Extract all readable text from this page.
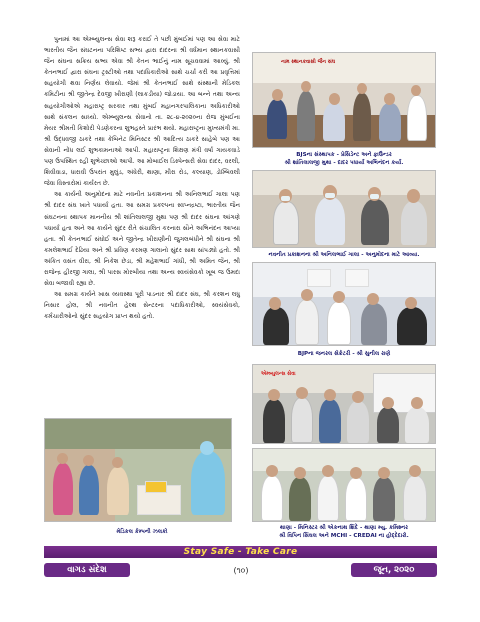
પુનામાં આ એમ્બ્યુલન્સ સેવા શરૂ કરાઈ તે પછી મુંબઈમાં પણ આ સેવા માટે ભારતીય જૈન સંઘટનના પરિશિષ્ટ સભ્ય દ્વારા દાદરના શ્રી વર્ધમાન સ્થાનકવાસી જૈન સંઘના સક્રિય સભ્ય એવા શ્રી કેતન ભાઈનું નામ સૂચવવામાં આવ્યું. શ્રી કેતનભાઈ દ્વારા સંઘના ટ્રસ્ટીઓ તથા પદાધિકારીઓ સાથે ચર્ચા કરી આ પ્રવૃત્તિમાં સહયોગી થવા નિર્ણય લેવાયો. જેમાં શ્રી કેતનભાઈ સાથે સંસ્થાની મેડિકલ કમિટીના શ્રી જીતેન્દ્ર દેવજી ખીરાણી (લાકડીયા) જોડાયા. આ બન્ને તથા અન્ય સહયોગીઓએ મહારાષ્ટ્ર સરકાર તથા મુંબઈ મહાનગરપાલિકાના અધિકારીઓ સાથે સંકલન સાધ્યો. એમ્બ્યુલન્સ સેવાનો તા. ૨૮-૪-૨૦૨૦ના રોજ મુંબઈના મેયર શ્રીમતી કિશોરી પેડણેકરના શુભહસ્તે પ્રારંભ થયો. મહારાષ્ટ્રના મુખ્યમંત્રી મા. શ્રી ઉદ્ધવજી ઠાકરે તથા કેબિનેટ મિનિસ્ટર શ્રી આદિત્ય ઠાકરે સાહેબે પણ આ સેવાની નોંધ લઈ શુભકામનાઓ આપી. મહારાષ્ટ્રના શિક્ષણ મંત્રી વર્ષા ગાયકવાડે પણ ઉપસ્થિત રહી શુભેચ્છાઓ આપી. આ મોબાઈલ ડિસ્પેન્સરી સેવા દાદર, વરલી, શિવીવાડા, ધારાવી ઉપરાંત મુલુંડ, અંધેરી, થાણા, મીરા રોડ, કલ્યાણ, ડોમ્બિવલી જેવા વિસ્તારોમાં કાર્યરત છે.

આ કાર્યની અનુમોદના માટે નવનીત પ્રકાશનના શ્રી અનિલભાઈ ગાલા પણ શ્રી દાદર સંઘ ખાતે પધાર્યા હતા. આ સમગ્ર પ્રકલ્પના સ્વપ્નદ્રષ્ટા, ભારતીય જૈન સંઘટનના સ્થાપક માનનીય શ્રી શાંતિલાલજી મુથા પણ શ્રી દાદર સંઘના આંગણે પધાર્યા હતા અને આ કાર્યને સુંદર રીતે સંચાલિત કરનારા સૌને અભિનંદન આપ્યા હતા. શ્રી કેતનભાઈ સંઘોઈ અને જીતેન્દ્ર ખીરાણીની જુગલબંધીને શ્રી સંઘના શ્રી કમલેશભાઈ દેઢિયા અને શ્રી પ્રવિણ કરમણ ગાલાનો સુંદર સાથ સાંપડ્યો હતો. શ્રી અંકિત વસંત વીરા, શ્રી નિકેશ છેડા, શ્રી મહેશભાઈ ગાંધી, શ્રી અમિત જૈન, શ્રી રાજેન્દ્ર હીરજી ગાલા, શ્રી પારસ મોરબીયા તથા અન્ય સ્વયંસેવકો ખૂબ જ ઉમદા સેવા બજાવી રહ્યા છે.

આ સમગ્ર કાર્યને ખાસ વ્યવસ્થા પૂરી પાડનાર શ્રી દાદર સંઘ, શ્રી કરશન લધુ નિસાર હોલ, શ્રી નવનીત હેલ્થ સેન્ટરના પદાધિકારીઓ, સ્વયંસેવકો, કર્મચારીઓનો સુંદર સહયોગ પ્રાપ્ત થયો હતો.

નામ સ્થાનકવાસી જૈન સંઘ
BJSના સંસ્થાપક - પ્રેસિડેન્ટ અને ફાઉન્ડર
શ્રી શાંતિલાલજી મુથા - દાદર પધાર્યા અભિનંદન કર્યા.
નવનીત પ્રકાશનના શ્રી અનિલભાઈ ગાલા - અનુમોદના માટે આવ્યા.
BJPના જનરલ સેક્રેટરી - શ્રી સુનીલ રાણે
મેડિકલ કેમ્પની ઝલકો
એમ્બ્યુલન્સ સેવા
થાણા - મિનિસ્ટર શ્રી એકનાથ શિંદે - થાણા મ્યુ. કમિશ્નર
શ્રી વિપિન સિંઘલ અને MCHI - CREDAI ના હોદ્દેદારો.
Stay Safe - Take Care
વાગડ સંદેશ	(૧૦)	જૂન, ૨૦૨૦
